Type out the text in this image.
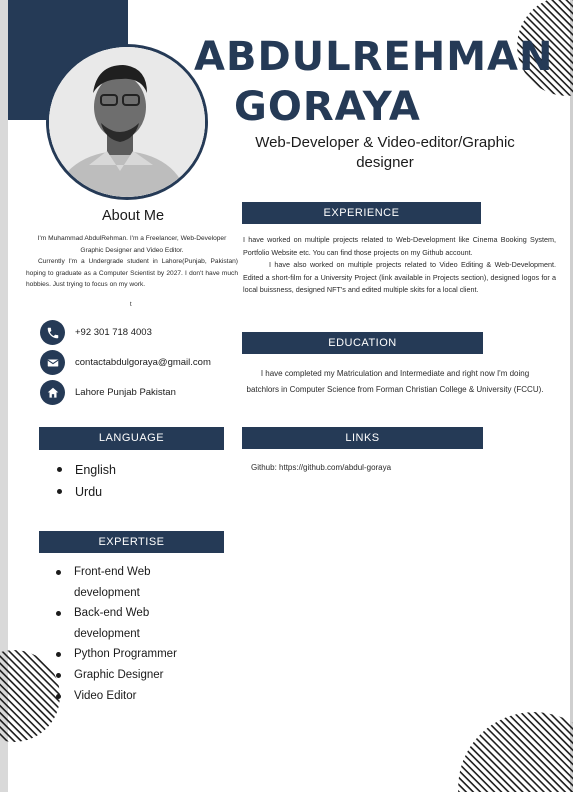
ABDULREHMAN
GORAYA
Web-Developer & Video-editor/Graphic designer
About Me
I'm Muhammad AbdulRehman. I'm a Freelancer, Web-Developer Graphic Designer and Video Editor.
Currently I'm a Undergrade student in Lahore(Punjab, Pakistan) hoping to graduate as a Computer Scientist by 2027. I don't have much hobbies. Just trying to focus on my work.
t
+92 301 718 4003
contactabdulgoraya@gmail.com
Lahore Punjab Pakistan
LANGUAGE
English
Urdu
EXPERTISE
Front-end Web development
Back-end Web development
Python Programmer
Graphic Designer
Video Editor
EXPERIENCE
I have worked on multiple projects related to Web-Development like Cinema Booking System, Portfolio Website etc. You can find those projects on my Github account.
I have also worked on multiple projects related to Video Editing & Web-Development. Edited a short-film for a University Project (link available in Projects section), designed logos for a local buissness, designed NFT's and edited multiple skits for a local client.
EDUCATION
I have completed my Matriculation and Intermediate and right now I'm doing batchlors in Computer Science from Forman Christian College & University (FCCU).
LINKS
Github: https://github.com/abdul-goraya
